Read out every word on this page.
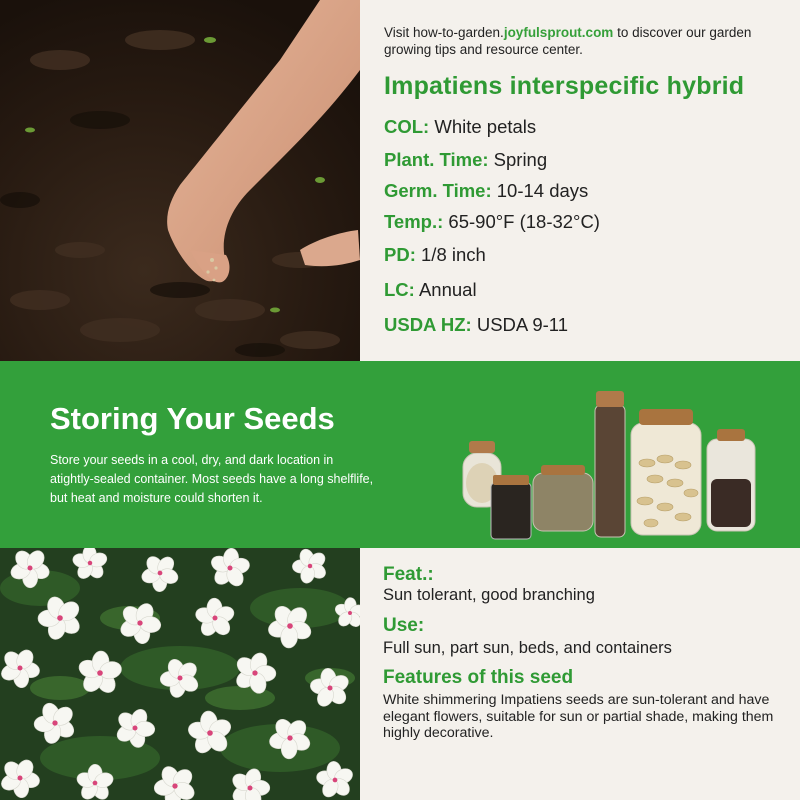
Visit how-to-garden.joyfulsprout.com to discover our garden growing tips and resource center.
Impatiens interspecific hybrid
COL: White petals
Plant. Time: Spring
Germ. Time: 10-14 days
Temp.: 65-90°F (18-32°C)
PD: 1/8 inch
LC: Annual
USDA HZ: USDA 9-11
Storing Your Seeds
Store your seeds in a cool, dry, and dark location in atightly-sealed container. Most seeds have a long shelflife, but heat and moisture could shorten it.
Feat.:
Sun tolerant, good branching
Use:
Full sun, part sun, beds, and containers
Features of this seed
White shimmering Impatiens seeds are sun-tolerant and have elegant flowers, suitable for sun or partial shade, making them highly decorative.
